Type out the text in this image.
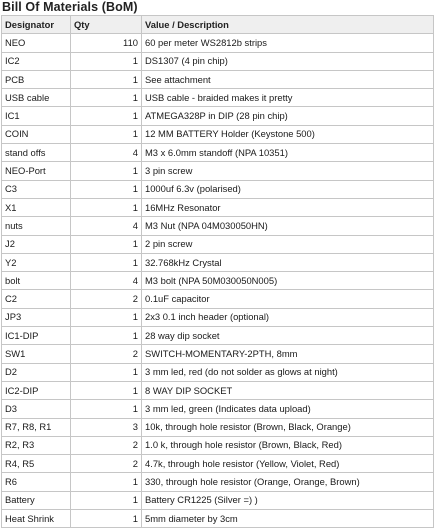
Bill Of Materials (BoM)
Designator	Qty	Value / Description
NEO	110	60 per meter WS2812b strips
IC2	1	DS1307 (4 pin chip)
PCB	1	See attachment
USB cable	1	USB cable - braided makes it pretty
IC1	1	ATMEGA328P in DIP (28 pin chip)
COIN	1	12 MM BATTERY Holder (Keystone 500)
stand offs	4	M3 x 6.0mm standoff (NPA 10351)
NEO-Port	1	3 pin screw
C3	1	1000uf 6.3v (polarised)
X1	1	16MHz Resonator
nuts	4	M3 Nut (NPA 04M030050HN)
J2	1	2 pin screw
Y2	1	32.768kHz Crystal
bolt	4	M3 bolt (NPA 50M030050N005)
C2	2	0.1uF capacitor
JP3	1	2x3 0.1 inch header (optional)
IC1-DIP	1	28 way dip socket
SW1	2	SWITCH-MOMENTARY-2PTH, 8mm
D2	1	3 mm led, red (do not solder as glows at night)
IC2-DIP	1	8 WAY DIP SOCKET
D3	1	3 mm led, green (Indicates data upload)
R7, R8, R1	3	10k, through hole resistor (Brown, Black, Orange)
R2, R3	2	1.0 k, through hole resistor (Brown, Black, Red)
R4, R5	2	4.7k, through hole resistor (Yellow, Violet, Red)
R6	1	330, through hole resistor (Orange, Orange, Brown)
Battery	1	Battery CR1225 (Silver =) )
Heat Shrink	1	5mm diameter by 3cm
